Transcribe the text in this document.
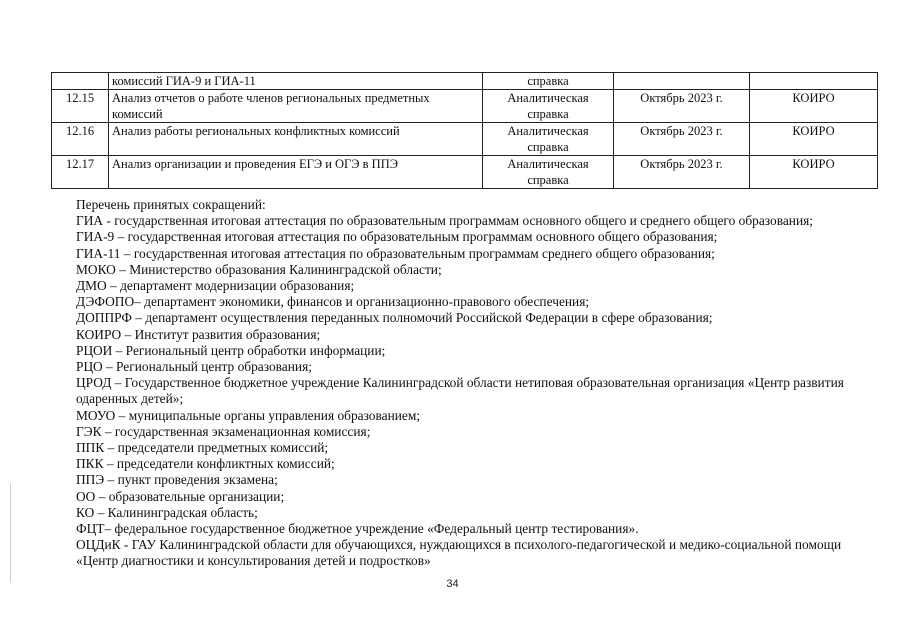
	комиссий ГИА-9 и ГИА-11	справка		
12.15	Анализ отчетов о работе членов региональных предметных комиссий	Аналитическая справка	Октябрь 2023 г.	КОИРО
12.16	Анализ работы региональных конфликтных комиссий	Аналитическая справка	Октябрь 2023 г.	КОИРО
12.17	Анализ организации и проведения ЕГЭ и ОГЭ в ППЭ	Аналитическая справка	Октябрь 2023 г.	КОИРО

Перечень принятых сокращений:

ГИА - государственная итоговая аттестация по образовательным программам основного общего и среднего общего образования;

ГИА-9 – государственная итоговая аттестация по образовательным программам основного общего образования;

ГИА-11 – государственная итоговая аттестация по образовательным программам среднего общего образования;

МОКО – Министерство образования Калининградской области;

ДМО – департамент модернизации образования;

ДЭФОПО– департамент экономики, финансов и организационно-правового обеспечения;

ДОППРФ – департамент осуществления переданных полномочий Российской Федерации в сфере образования;

КОИРО – Институт развития образования;

РЦОИ – Региональный центр обработки информации;

РЦО – Региональный центр образования;

ЦРОД – Государственное бюджетное учреждение Калининградской области нетиповая образовательная организация «Центр развития одаренных детей»;

МОУО – муниципальные органы управления образованием;

ГЭК – государственная экзаменационная комиссия;

ППК – председатели предметных комиссий;

ПКК – председатели конфликтных комиссий;

ППЭ – пункт проведения экзамена;

ОО – образовательные организации;

КО – Калининградская область;

ФЦТ– федеральное государственное бюджетное учреждение «Федеральный центр тестирования».

ОЦДиК - ГАУ Калининградской области для обучающихся, нуждающихся в психолого-педагогической и медико-социальной помощи «Центр диагностики и консультирования детей и подростков»

34
